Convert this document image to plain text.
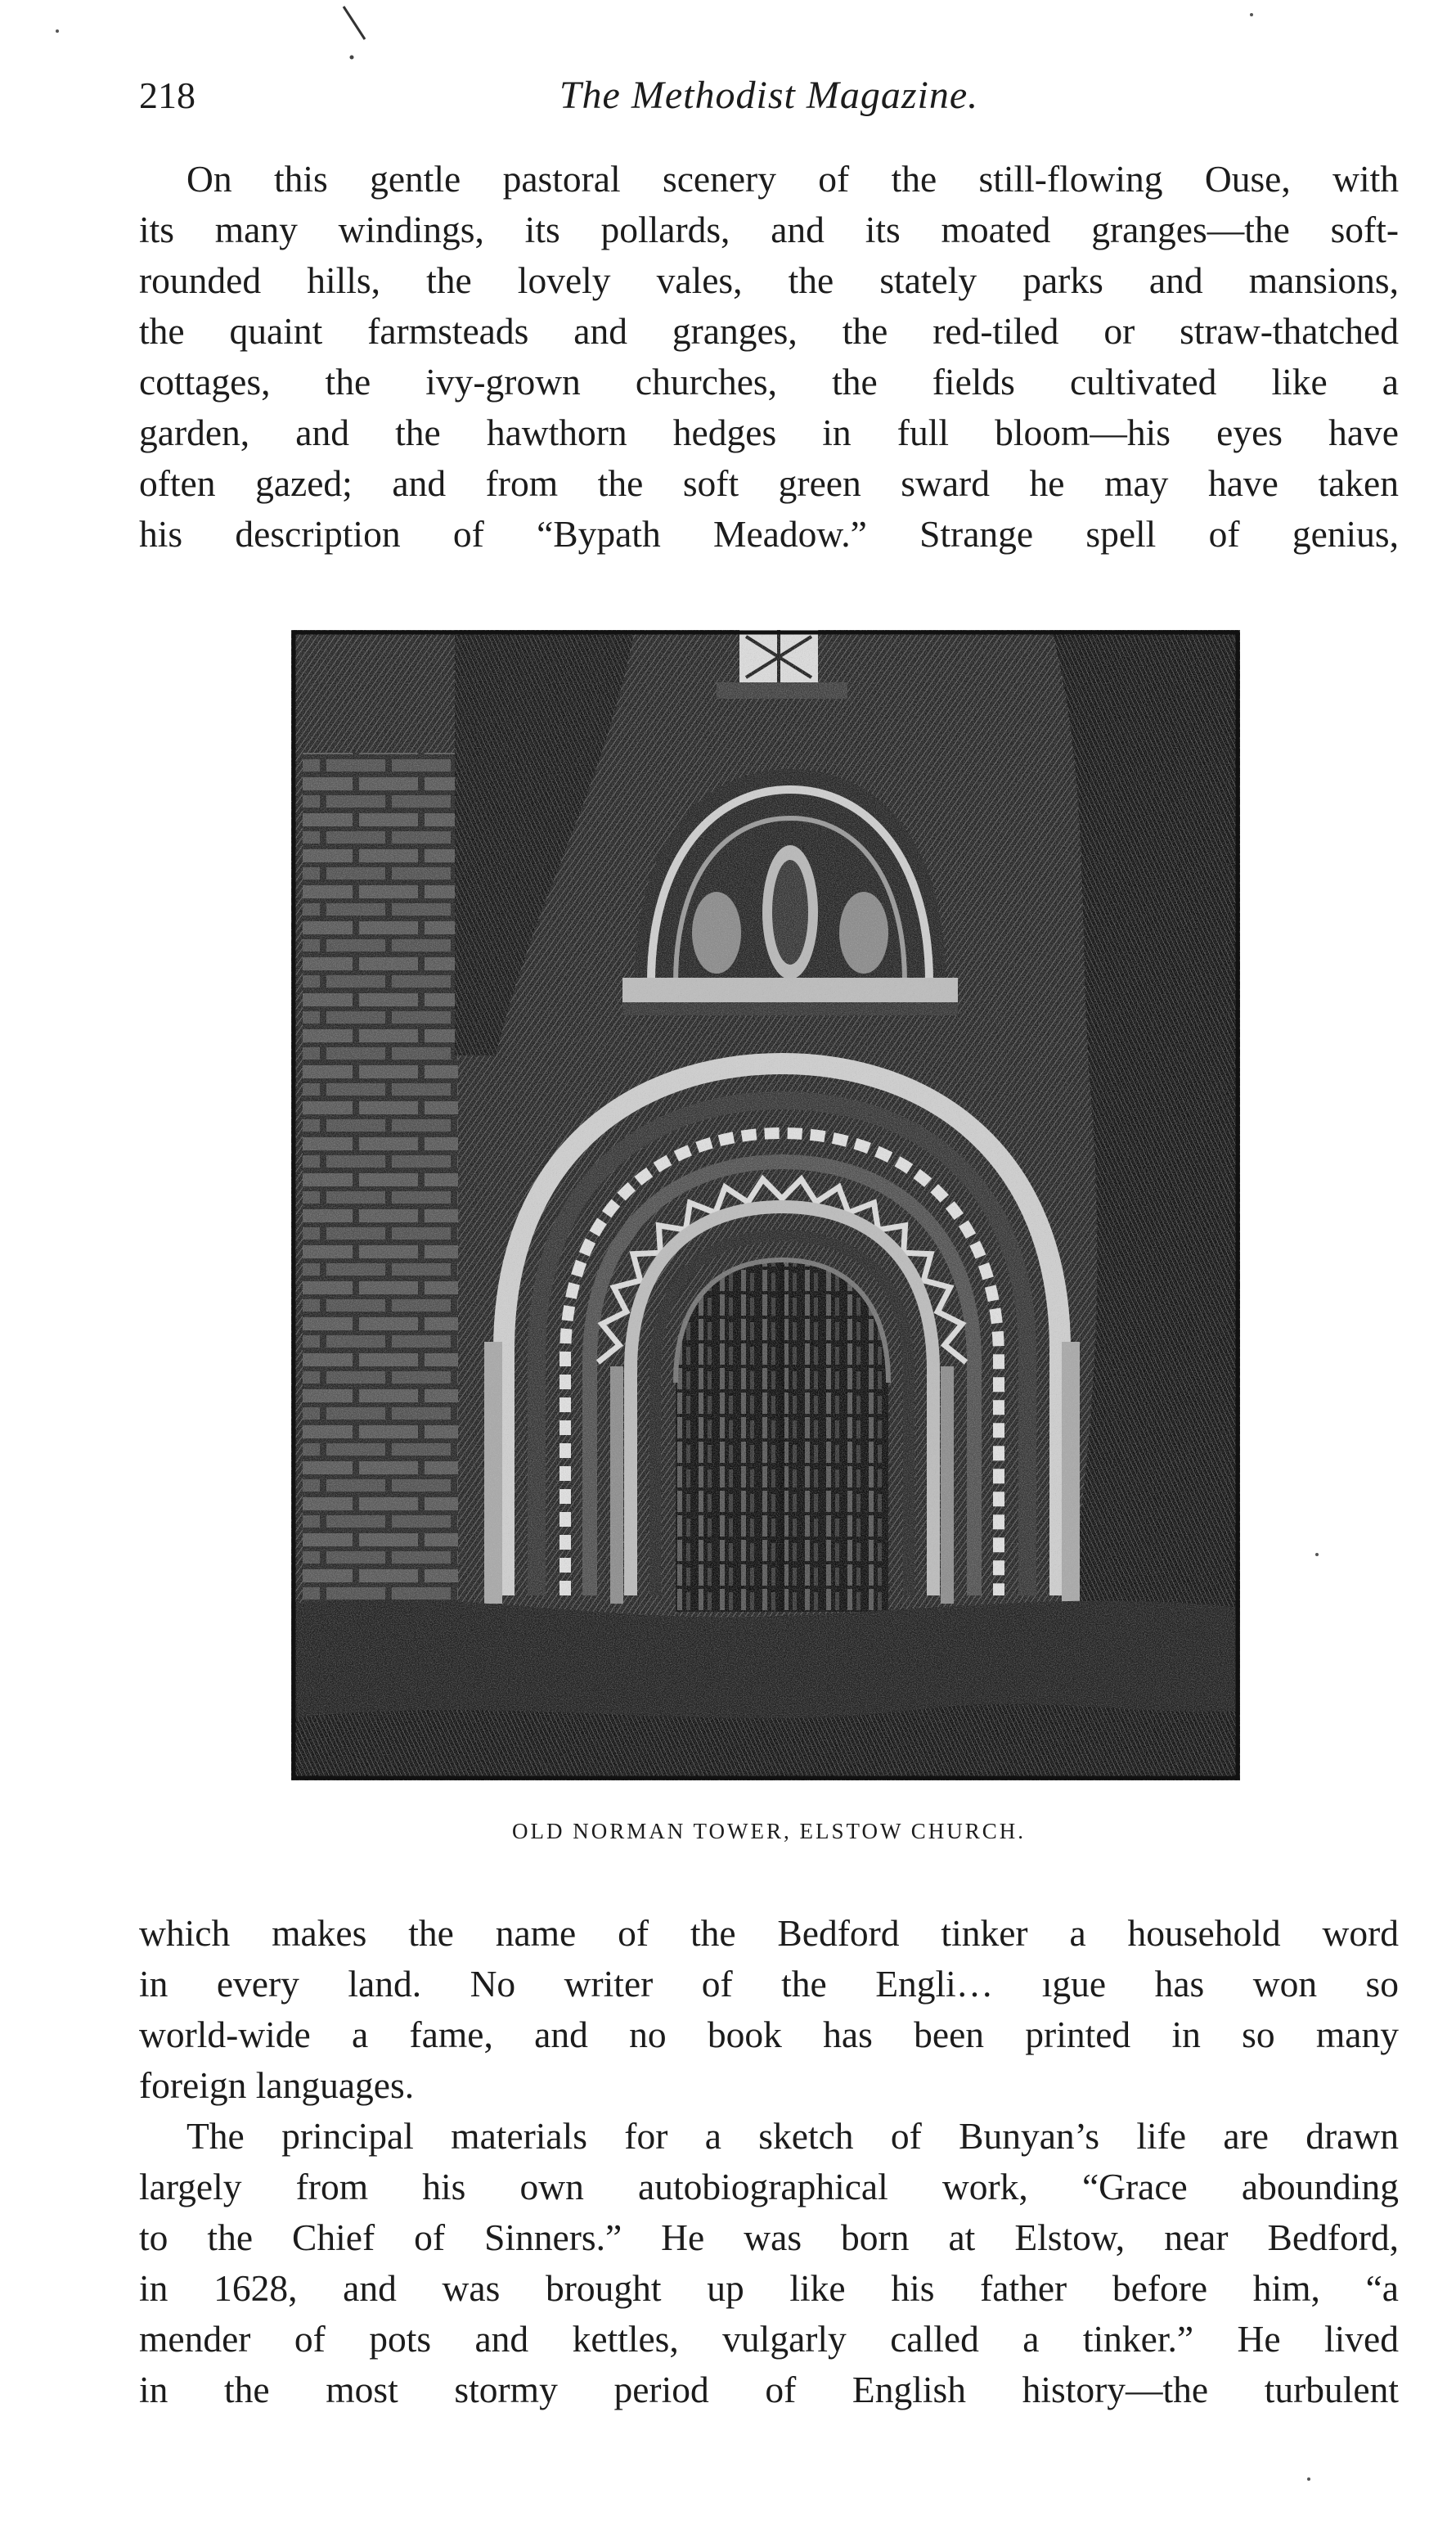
218	The Methodist Magazine.

On this gentle pastoral scenery of the still-flowing Ouse, with
its many windings, its pollards, and its moated granges—the soft-
rounded hills, the lovely vales, the stately parks and mansions,
the quaint farmsteads and granges, the red-tiled or straw-thatched
cottages, the ivy-grown churches, the fields cultivated like a
garden, and the hawthorn hedges in full bloom—his eyes have
often gazed; and from the soft green sward he may have taken
his description of “Bypath Meadow.” Strange spell of genius,

OLD NORMAN TOWER, ELSTOW CHURCH.

which makes the name of the Bedford tinker a household word
in every land. No writer of the Engli… ıgue has won so
world-wide a fame, and no book has been printed in so many
foreign languages.

The principal materials for a sketch of Bunyan’s life are drawn
largely from his own autobiographical work, “Grace abounding
to the Chief of Sinners.” He was born at Elstow, near Bedford,
in 1628, and was brought up like his father before him, “a
mender of pots and kettles, vulgarly called a tinker.” He lived
in the most stormy period of English history—the turbulent
